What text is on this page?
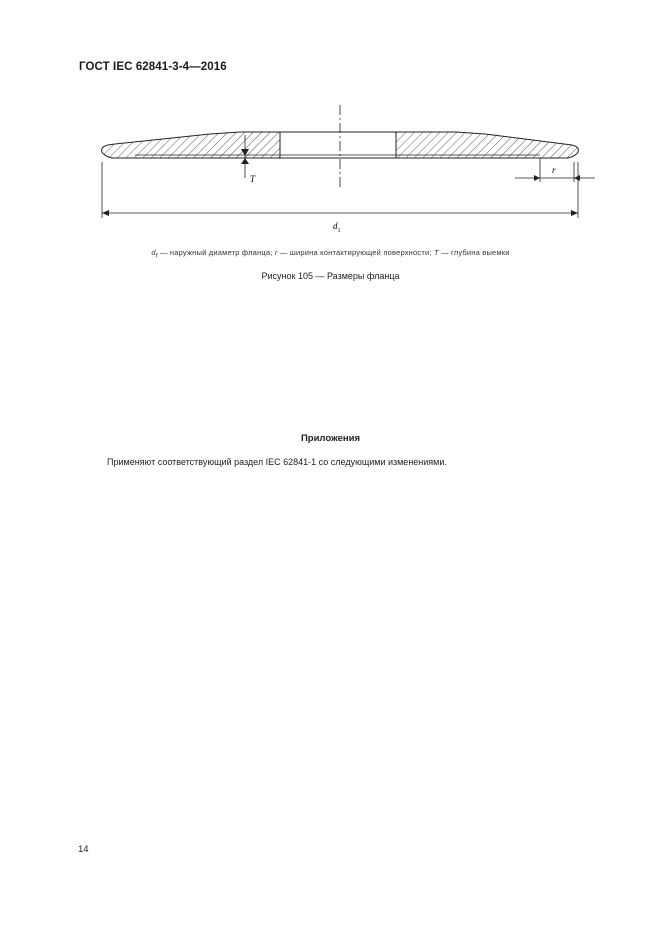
ГОСТ IEC 62841-3-4—2016
T
r
$d_1$
$d_f$ — наружный диаметр фланца; r — ширина контактирующей поверхности; T — глубина выемки
Рисунок 105 — Размеры фланца
Приложения
Применяют соответствующий раздел IEC 62841-1 со следующими изменениями.
14
